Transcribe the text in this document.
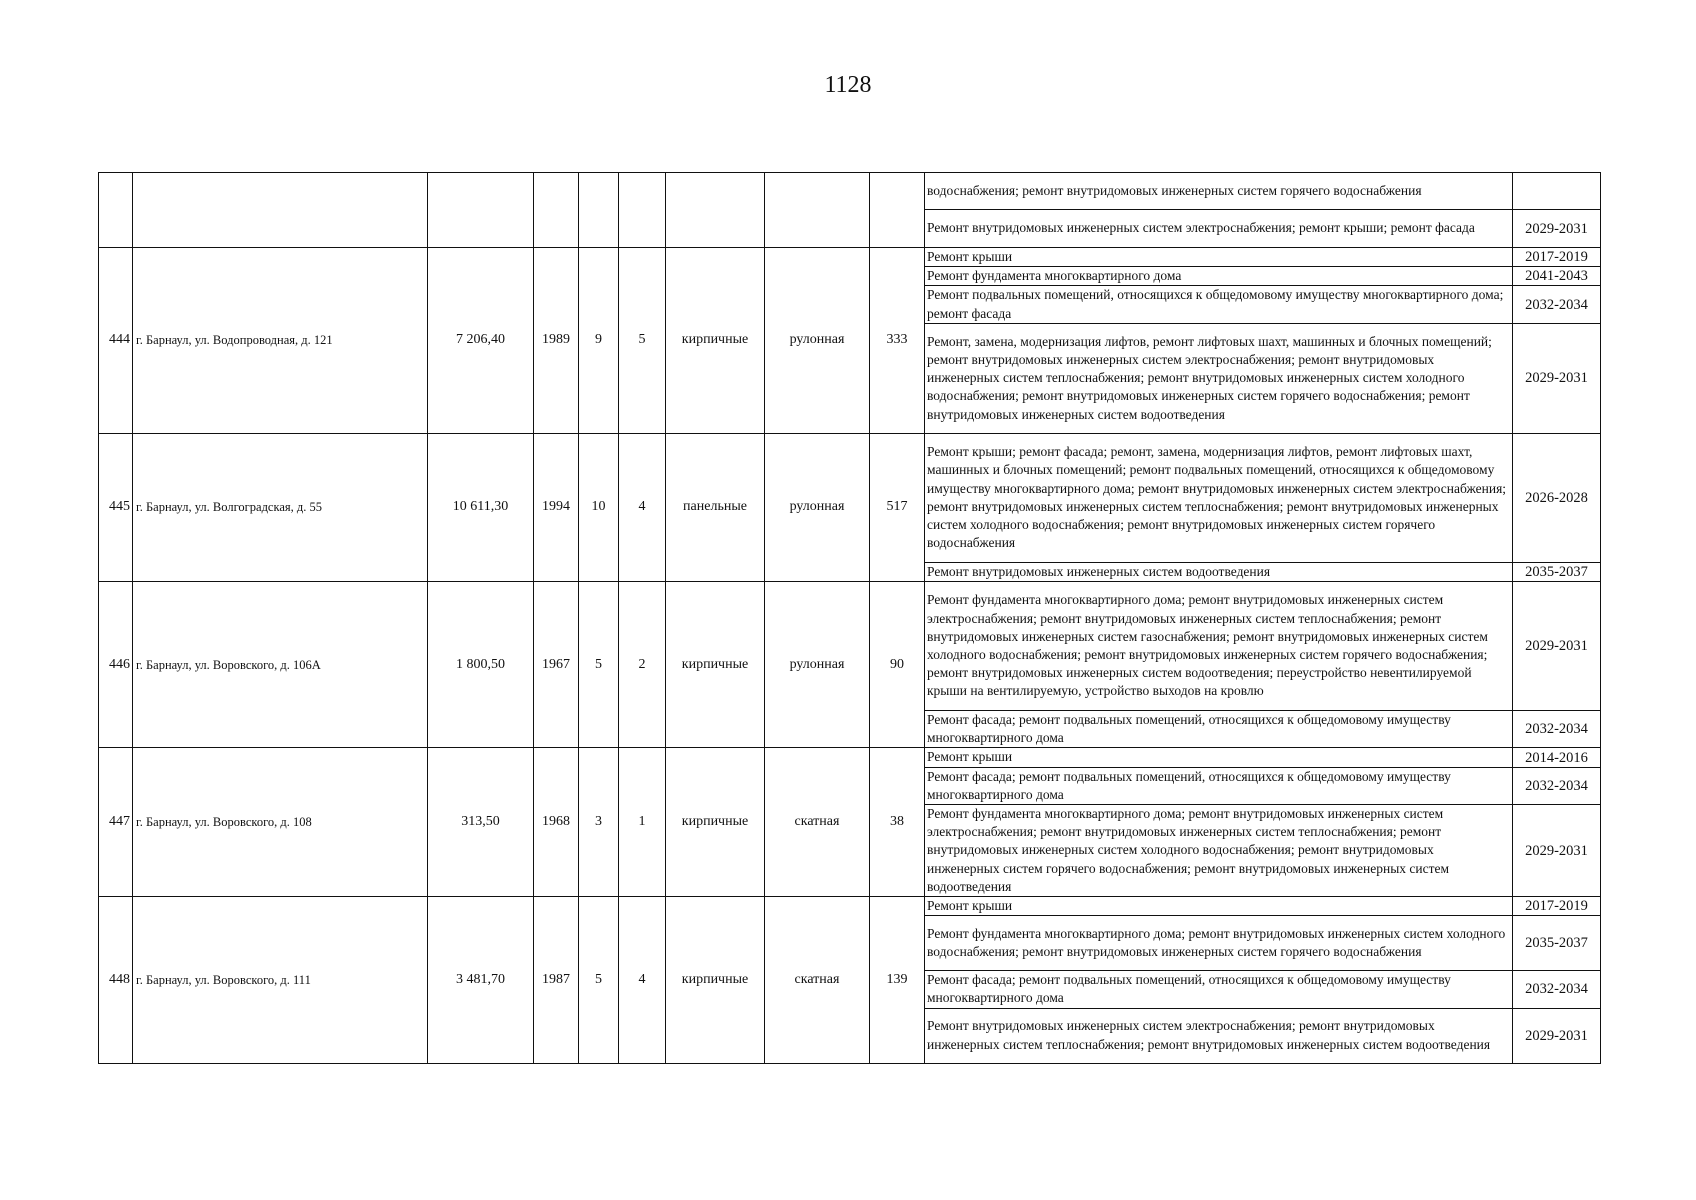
1128
									водоснабжения; ремонт внутридомовых инженерных систем горячего водоснабжения	
									Ремонт внутридомовых инженерных систем электроснабжения; ремонт крыши; ремонт фасада	2029-2031
444	г. Барнаул, ул. Водопроводная, д. 121	7 206,40	1989	9	5	кирпичные	рулонная	333	Ремонт крыши	2017-2019
									Ремонт фундамента многоквартирного дома	2041-2043
									Ремонт подвальных помещений, относящихся к общедомовому имуществу многоквартирного дома; ремонт фасада	2032-2034
									Ремонт, замена, модернизация лифтов, ремонт лифтовых шахт, машинных и блочных помещений; ремонт внутридомовых инженерных систем электроснабжения; ремонт внутридомовых инженерных систем теплоснабжения; ремонт внутридомовых инженерных систем холодного водоснабжения; ремонт внутридомовых инженерных систем горячего водоснабжения; ремонт внутридомовых инженерных систем водоотведения	2029-2031
445	г. Барнаул, ул. Волгоградская, д. 55	10 611,30	1994	10	4	панельные	рулонная	517	Ремонт крыши; ремонт фасада; ремонт, замена, модернизация лифтов, ремонт лифтовых шахт, машинных и блочных помещений; ремонт подвальных помещений, относящихся к общедомовому имуществу многоквартирного дома; ремонт внутридомовых инженерных систем электроснабжения; ремонт внутридомовых инженерных систем теплоснабжения; ремонт внутридомовых инженерных систем холодного водоснабжения; ремонт внутридомовых инженерных систем горячего водоснабжения	2026-2028
									Ремонт внутридомовых инженерных систем водоотведения	2035-2037
446	г. Барнаул, ул. Воровского, д. 106А	1 800,50	1967	5	2	кирпичные	рулонная	90	Ремонт фундамента многоквартирного дома; ремонт внутридомовых инженерных систем электроснабжения; ремонт внутридомовых инженерных систем теплоснабжения; ремонт внутридомовых инженерных систем газоснабжения; ремонт внутридомовых инженерных систем холодного водоснабжения; ремонт внутридомовых инженерных систем горячего водоснабжения; ремонт внутридомовых инженерных систем водоотведения; переустройство невентилируемой крыши на вентилируемую, устройство выходов на кровлю	2029-2031
									Ремонт фасада; ремонт подвальных помещений, относящихся к общедомовому имуществу многоквартирного дома	2032-2034
447	г. Барнаул, ул. Воровского, д. 108	313,50	1968	3	1	кирпичные	скатная	38	Ремонт крыши	2014-2016
									Ремонт фасада; ремонт подвальных помещений, относящихся к общедомовому имуществу многоквартирного дома	2032-2034
									Ремонт фундамента многоквартирного дома; ремонт внутридомовых инженерных систем электроснабжения; ремонт внутридомовых инженерных систем теплоснабжения; ремонт внутридомовых инженерных систем холодного водоснабжения; ремонт внутридомовых инженерных систем горячего водоснабжения; ремонт внутридомовых инженерных систем водоотведения	2029-2031
448	г. Барнаул, ул. Воровского, д. 111	3 481,70	1987	5	4	кирпичные	скатная	139	Ремонт крыши	2017-2019
									Ремонт фундамента многоквартирного дома; ремонт внутридомовых инженерных систем холодного водоснабжения; ремонт внутридомовых инженерных систем горячего водоснабжения	2035-2037
									Ремонт фасада; ремонт подвальных помещений, относящихся к общедомовому имуществу многоквартирного дома	2032-2034
									Ремонт внутридомовых инженерных систем электроснабжения; ремонт внутридомовых инженерных систем теплоснабжения; ремонт внутридомовых инженерных систем водоотведения	2029-2031
